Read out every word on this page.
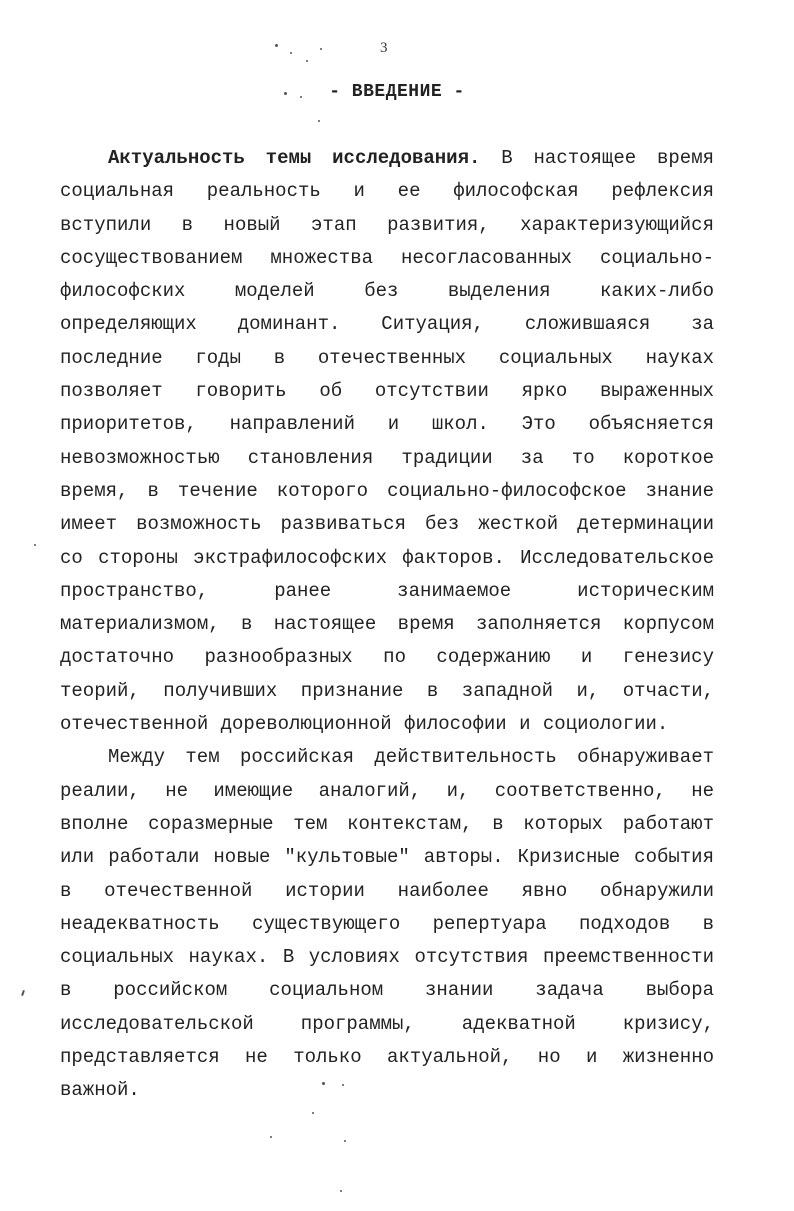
3
- ВВЕДЕНИЕ -

Актуальность темы исследования. В настоящее время социальная реальность и ее философская рефлексия вступили в новый этап развития, характеризующийся сосуществованием множества несогласованных социально-философских моделей без выделения каких-либо определяющих доминант. Ситуация, сложившаяся за последние годы в отечественных социальных науках позволяет говорить об отсутствии ярко выраженных приоритетов, направлений и школ. Это объясняется невозможностью становления традиции за то короткое время, в течение которого социально-философское знание имеет возможность развиваться без жесткой детерминации со стороны экстрафилософских факторов. Исследовательское пространство, ранее занимаемое историческим материализмом, в настоящее время заполняется корпусом достаточно разнообразных по содержанию и генезису теорий, получивших признание в западной и, отчасти, отечественной дореволюционной философии и социологии.

Между тем российская действительность обнаруживает реалии, не имеющие аналогий, и, соответственно, не вполне соразмерные тем контекстам, в которых работают или работали новые "культовые" авторы. Кризисные события в отечественной истории наиболее явно обнаружили неадекватность существующего репертуара подходов в социальных науках. В условиях отсутствия преемственности в российском социальном знании задача выбора исследовательской программы, адекватной кризису, представляется не только актуальной, но и жизненно важной.
